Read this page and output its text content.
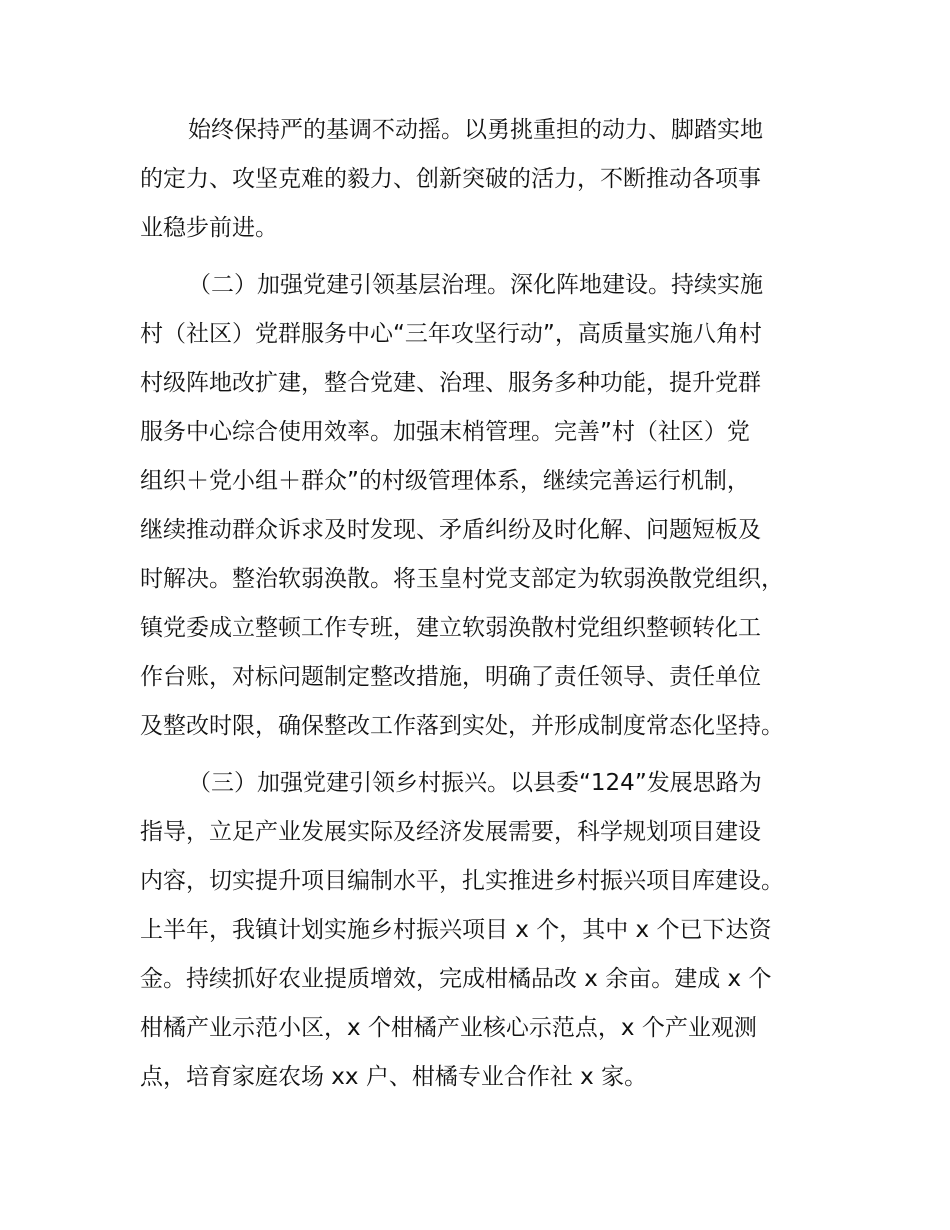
始终保持严的基调不动摇。以勇挑重担的动力、脚踏实地
的定力、攻坚克难的毅力、创新突破的活力，不断推动各项事
业稳步前进。
（二）加强党建引领基层治理。深化阵地建设。持续实施
村（社区）党群服务中心“三年攻坚行动”，高质量实施八角村
村级阵地改扩建，整合党建、治理、服务多种功能，提升党群
服务中心综合使用效率。加强末梢管理。完善”村（社区）党
组织＋党小组＋群众”的村级管理体系，继续完善运行机制，
继续推动群众诉求及时发现、矛盾纠纷及时化解、问题短板及
时解决。整治软弱涣散。将玉皇村党支部定为软弱涣散党组织，
镇党委成立整顿工作专班，建立软弱涣散村党组织整顿转化工
作台账，对标问题制定整改措施，明确了责任领导、责任单位
及整改时限，确保整改工作落到实处，并形成制度常态化坚持。
（三）加强党建引领乡村振兴。以县委“124”发展思路为
指导，立足产业发展实际及经济发展需要，科学规划项目建设
内容，切实提升项目编制水平，扎实推进乡村振兴项目库建设。
上半年，我镇计划实施乡村振兴项目 x 个，其中 x 个已下达资
金。持续抓好农业提质增效，完成柑橘品改 x 余亩。建成 x 个
柑橘产业示范小区，x 个柑橘产业核心示范点，x 个产业观测
点，培育家庭农场 xx 户、柑橘专业合作社 x 家。
